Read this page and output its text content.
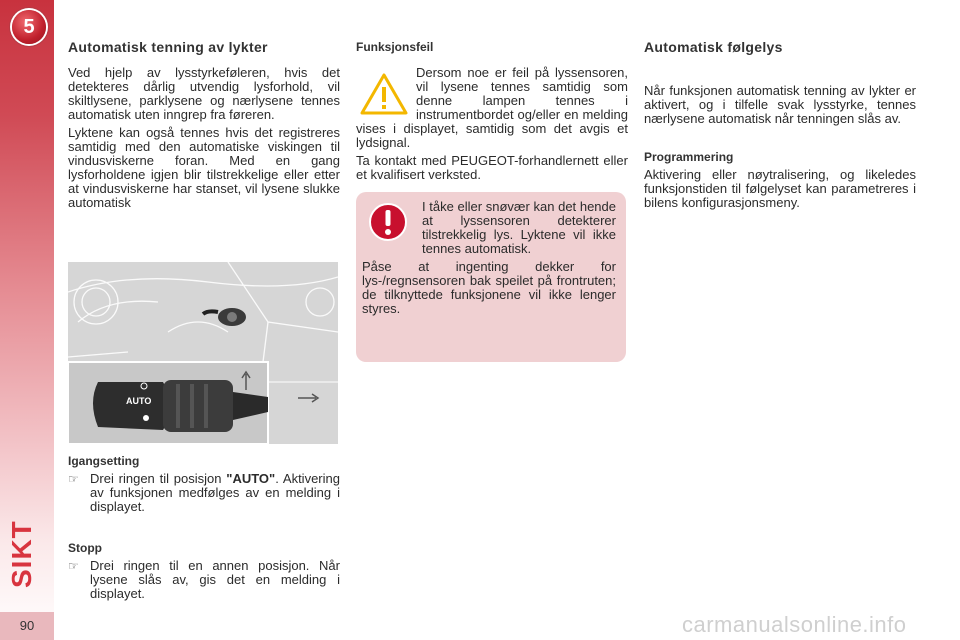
5
SIKT
90
Automatisk tenning av lykter

Ved hjelp av lysstyrkeføleren, hvis det detekteres dårlig utvendig lysforhold, vil skiltlysene, parklysene og nærlysene tennes automatisk uten inngrep fra føreren.

Lyktene kan også tennes hvis det registreres samtidig med den automatiske viskingen til vindusviskerne foran. Med en gang lysforholdene igjen blir tilstrekkelige eller etter at vindusviskerne har stanset, vil lysene slukke automatisk

AUTO
Igangsetting
☞ Drei ringen til posisjon "AUTO". Aktivering av funksjonen medfølges av en melding i displayet.

Stopp
☞ Drei ringen til en annen posisjon. Når lysene slås av, gis det en melding i displayet.

Funksjonsfeil

Dersom noe er feil på lyssensoren, vil lysene tennes samtidig som denne lampen tennes i instrumentbordet og/eller en melding vises i displayet, samtidig som det avgis et lydsignal.

Ta kontakt med PEUGEOT-forhandlernett eller et kvalifisert verksted.

I tåke eller snøvær kan det hende at lyssensoren detekterer tilstrekkelig lys. Lyktene vil ikke tennes automatisk.

Påse at ingenting dekker for lys-/regnsensoren bak speilet på frontruten; de tilknyttede funksjonene vil ikke lenger styres.

Automatisk følgelys

Når funksjonen automatisk tenning av lykter er aktivert, og i tilfelle svak lysstyrke, tennes nærlysene automatisk når tenningen slås av.

Programmering

Aktivering eller nøytralisering, og likeledes funksjonstiden til følgelyset kan parametreres i bilens konfigurasjonsmeny.

carmanualsonline.info
